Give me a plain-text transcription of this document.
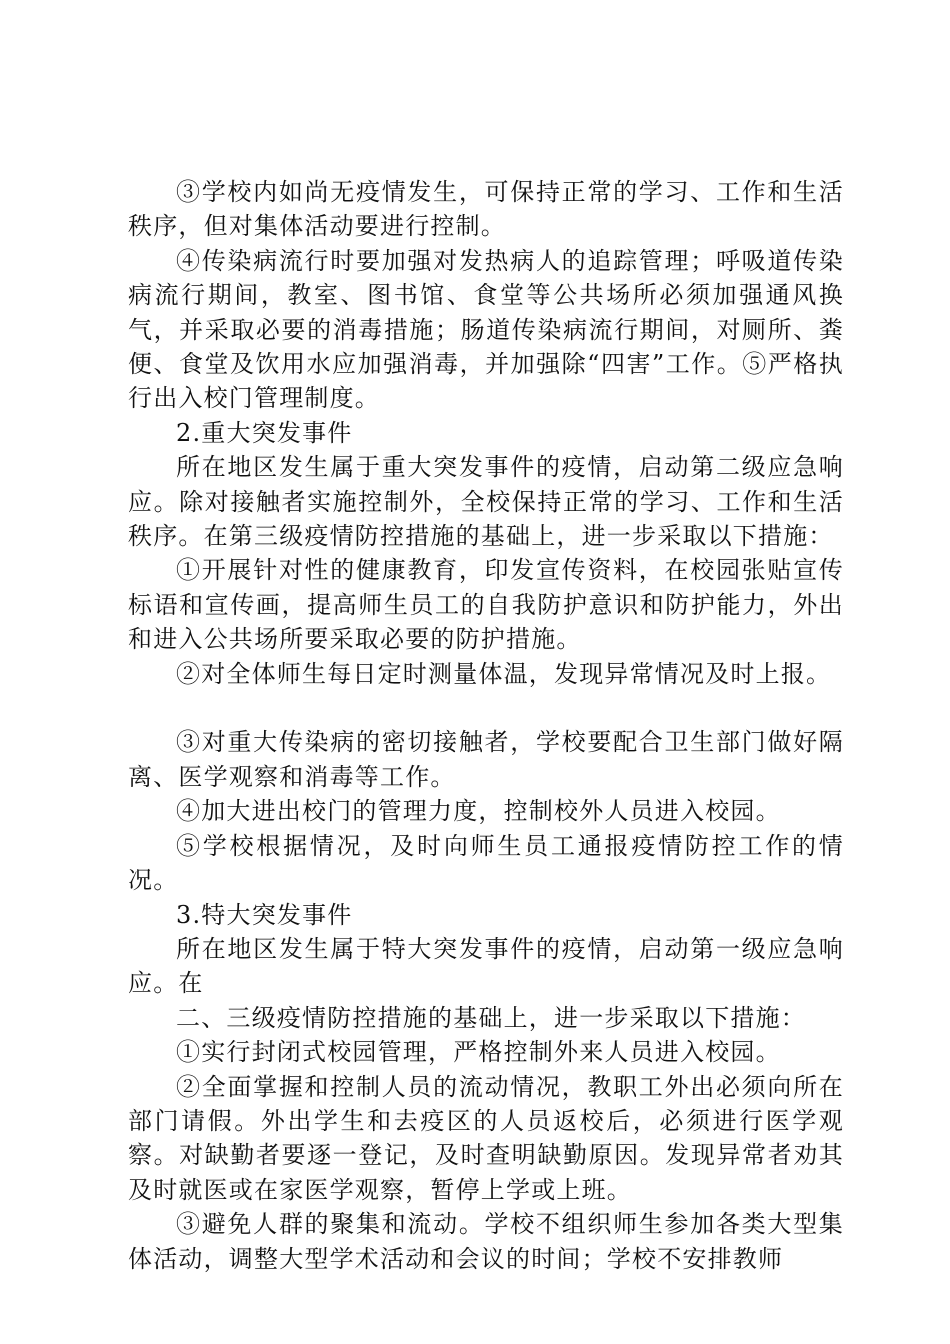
③学校内如尚无疫情发生，可保持正常的学习、工作和生活秩序，但对集体活动要进行控制。

④传染病流行时要加强对发热病人的追踪管理；呼吸道传染病流行期间，教室、图书馆、食堂等公共场所必须加强通风换气，并采取必要的消毒措施；肠道传染病流行期间，对厕所、粪便、食堂及饮用水应加强消毒，并加强除“四害”工作。⑤严格执行出入校门管理制度。

2.重大突发事件

所在地区发生属于重大突发事件的疫情，启动第二级应急响应。除对接触者实施控制外，全校保持正常的学习、工作和生活秩序。在第三级疫情防控措施的基础上，进一步采取以下措施：

①开展针对性的健康教育，印发宣传资料，在校园张贴宣传标语和宣传画，提高师生员工的自我防护意识和防护能力，外出和进入公共场所要采取必要的防护措施。

②对全体师生每日定时测量体温，发现异常情况及时上报。

③对重大传染病的密切接触者，学校要配合卫生部门做好隔离、医学观察和消毒等工作。

④加大进出校门的管理力度，控制校外人员进入校园。

⑤学校根据情况，及时向师生员工通报疫情防控工作的情况。

3.特大突发事件

所在地区发生属于特大突发事件的疫情，启动第一级应急响应。在

二、三级疫情防控措施的基础上，进一步采取以下措施：

①实行封闭式校园管理，严格控制外来人员进入校园。

②全面掌握和控制人员的流动情况，教职工外出必须向所在部门请假。外出学生和去疫区的人员返校后，必须进行医学观察。对缺勤者要逐一登记，及时查明缺勤原因。发现异常者劝其及时就医或在家医学观察，暂停上学或上班。

③避免人群的聚集和流动。学校不组织师生参加各类大型集体活动，调整大型学术活动和会议的时间；学校不安排教师
